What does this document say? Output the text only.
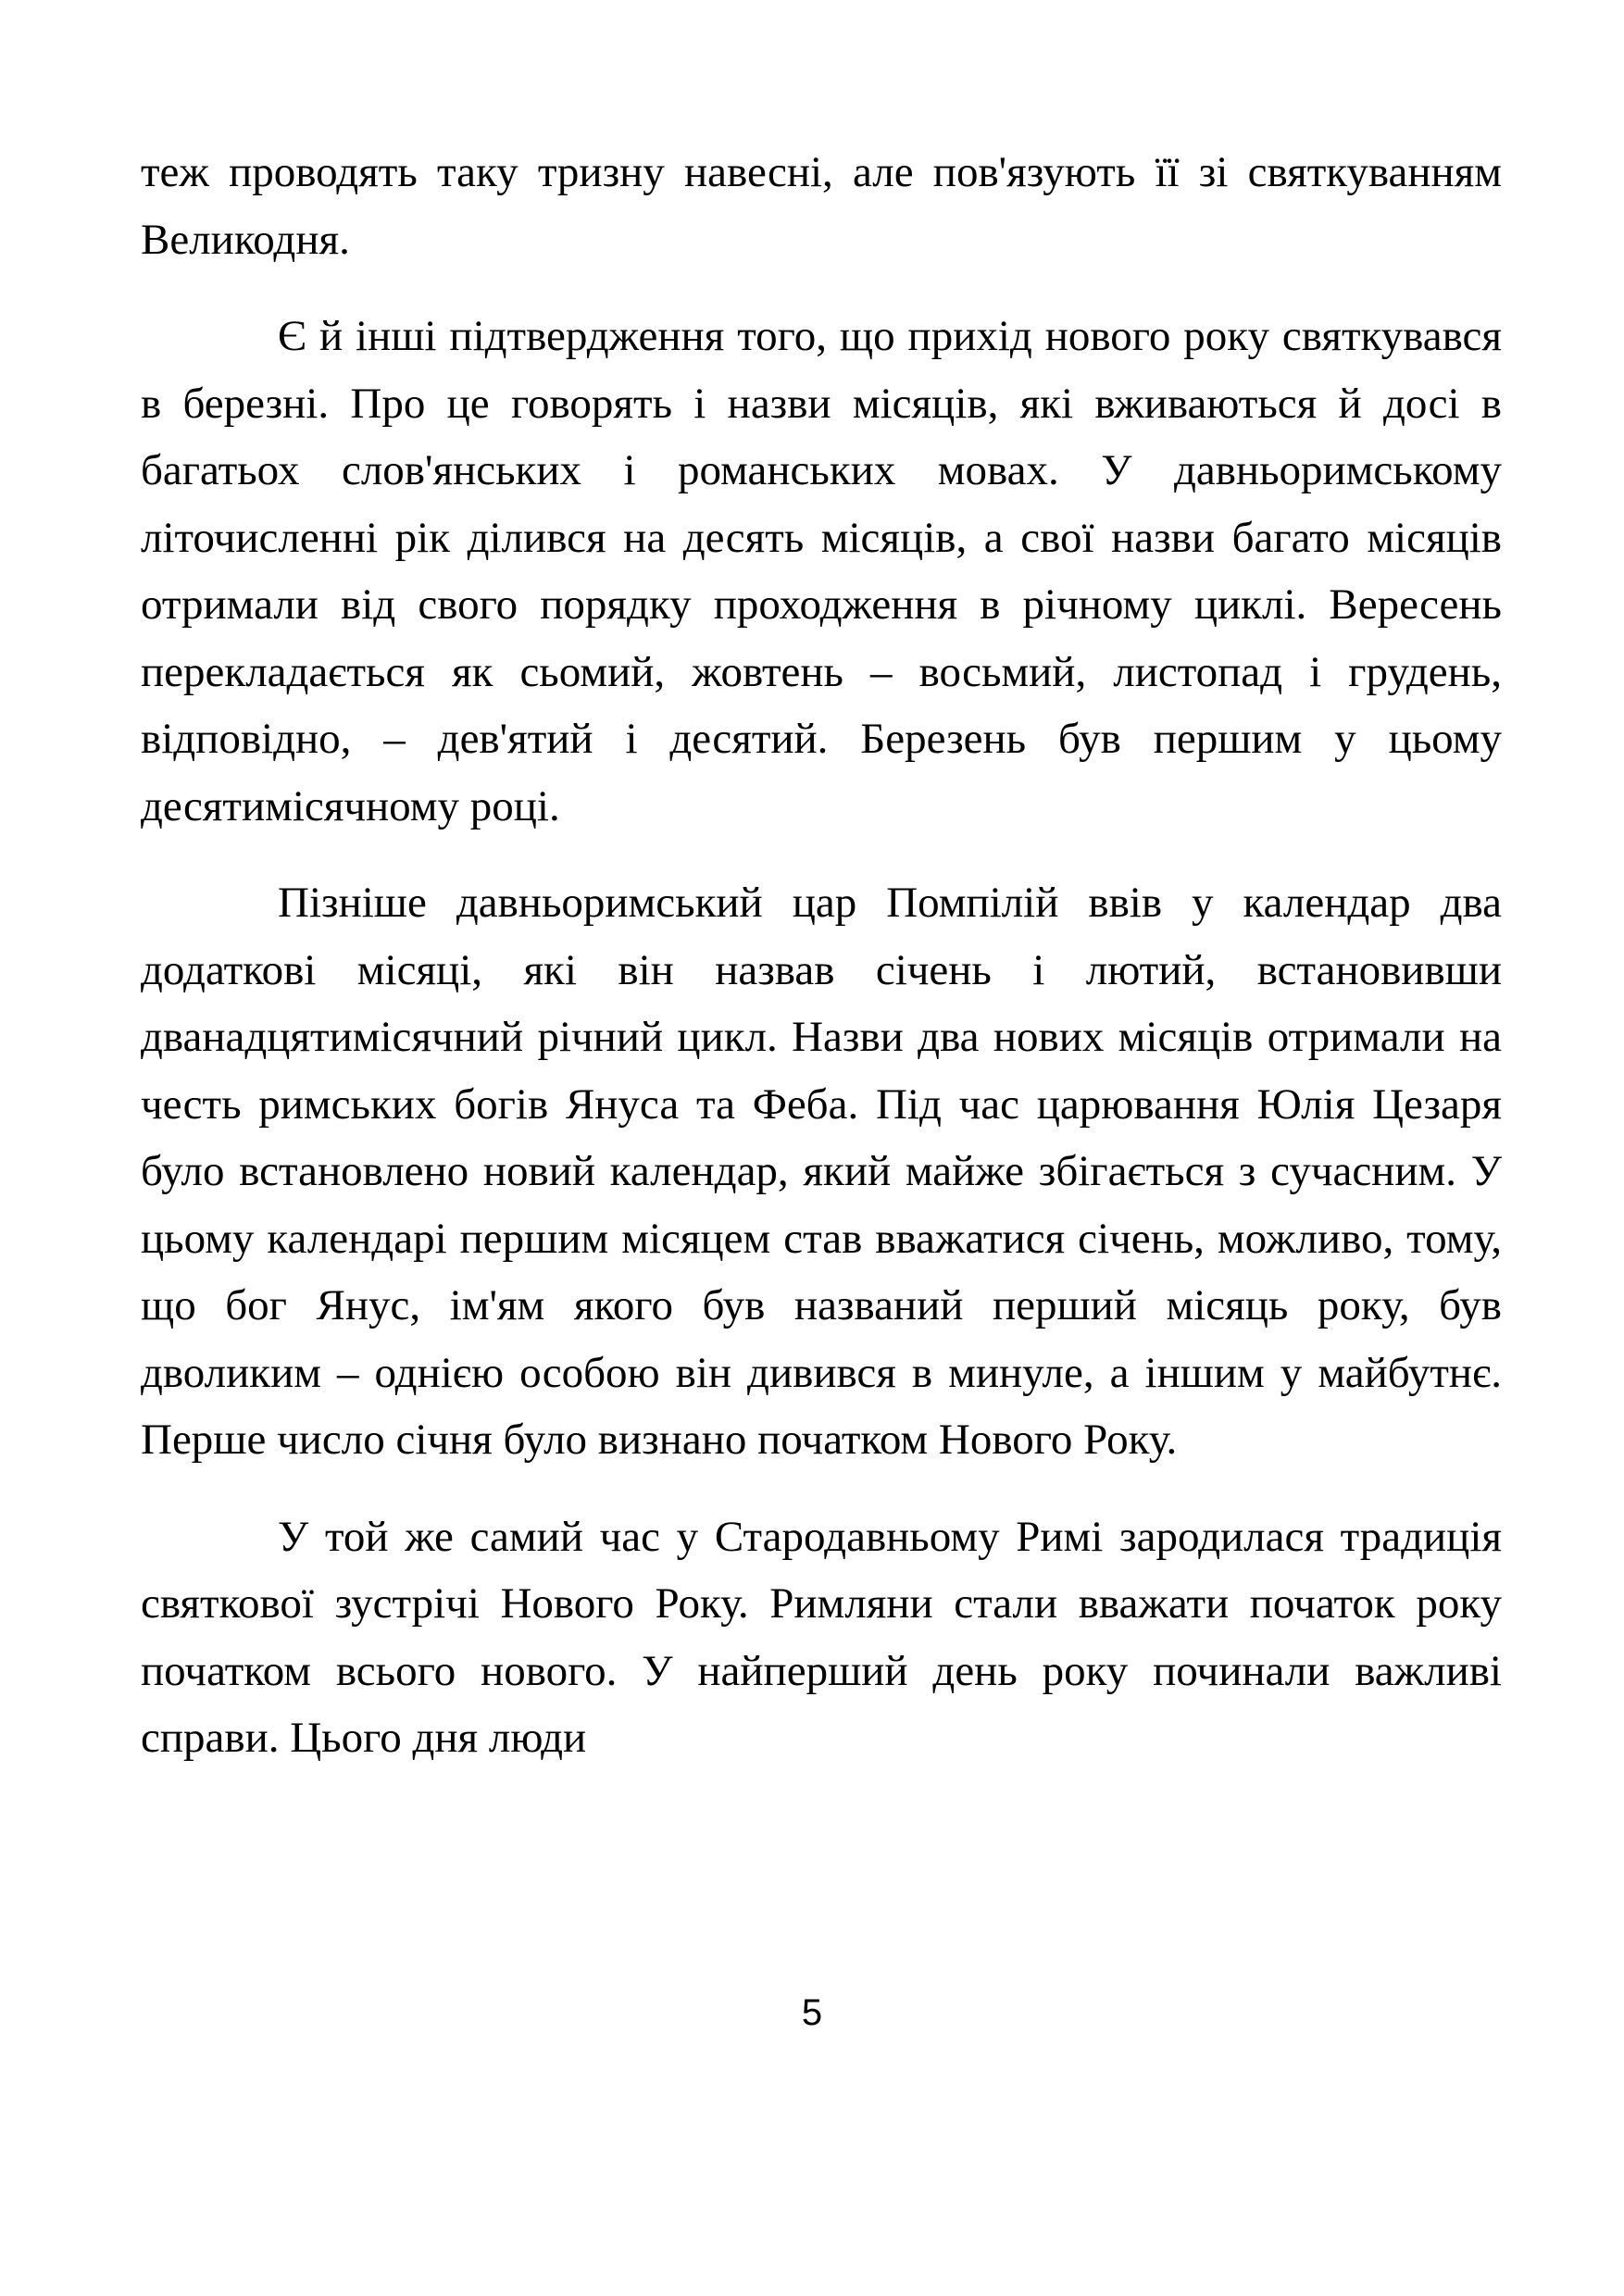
теж проводять таку тризну навесні, але пов'язують її зі святкуванням Великодня.

Є й інші підтвердження того, що прихід нового року святкувався в березні. Про це говорять і назви місяців, які вживаються й досі в багатьох слов'янських і романських мовах. У давньоримському літочисленні рік ділився на десять місяців, а свої назви багато місяців отримали від свого порядку проходження в річному циклі. Вересень перекладається як сьомий, жовтень – восьмий, листопад і грудень, відповідно, – дев'ятий і десятий. Березень був першим у цьому десятимісячному році.

Пізніше давньоримський цар Помпілій ввів у календар два додаткові місяці, які він назвав січень і лютий, встановивши дванадцятимісячний річний цикл. Назви два нових місяців отримали на честь римських богів Януса та Феба. Під час царювання Юлія Цезаря було встановлено новий календар, який майже збігається з сучасним. У цьому календарі першим місяцем став вважатися січень, можливо, тому, що бог Янус, ім'ям якого був названий перший місяць року, був дволиким – однією особою він дивився в минуле, а іншим у майбутнє. Перше число січня було визнано початком Нового Року.

У той же самий час у Стародавньому Римі зародилася традиція святкової зустрічі Нового Року. Римляни стали вважати початок року початком всього нового. У найперший день року починали важливі справи. Цього дня люди

5
